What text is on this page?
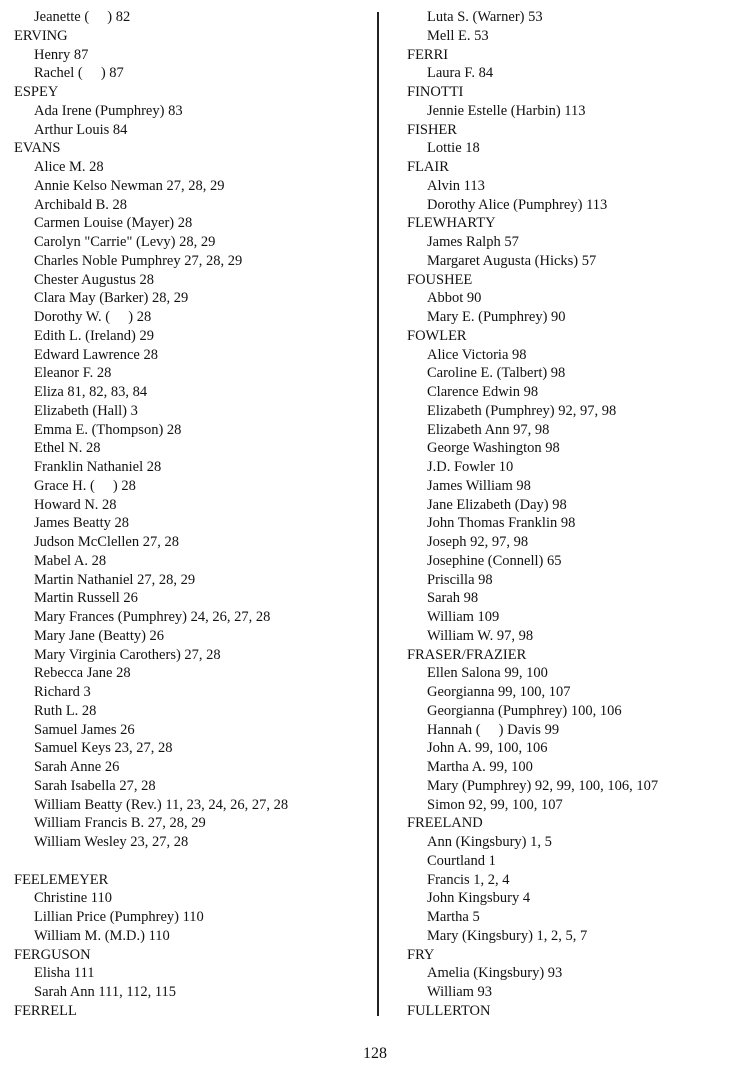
Jeanette (     ) 82
ERVING
Henry 87
Rachel (     ) 87
ESPEY
Ada Irene (Pumphrey) 83
Arthur Louis 84
EVANS
Alice M. 28
Annie Kelso Newman 27, 28, 29
Archibald B. 28
Carmen Louise (Mayer) 28
Carolyn "Carrie" (Levy) 28, 29
Charles Noble Pumphrey 27, 28, 29
Chester Augustus 28
Clara May (Barker) 28, 29
Dorothy W. (     ) 28
Edith L. (Ireland) 29
Edward Lawrence 28
Eleanor F. 28
Eliza 81, 82, 83, 84
Elizabeth (Hall) 3
Emma E. (Thompson) 28
Ethel N. 28
Franklin Nathaniel 28
Grace H. (     ) 28
Howard N. 28
James Beatty 28
Judson McClellen 27, 28
Mabel A. 28
Martin Nathaniel 27, 28, 29
Martin Russell 26
Mary Frances (Pumphrey) 24, 26, 27, 28
Mary Jane (Beatty) 26
Mary Virginia Carothers) 27, 28
Rebecca Jane 28
Richard 3
Ruth L. 28
Samuel James 26
Samuel Keys 23, 27, 28
Sarah Anne 26
Sarah Isabella 27, 28
William Beatty (Rev.) 11, 23, 24, 26, 27, 28
William Francis B. 27, 28, 29
William Wesley 23, 27, 28
FEELEMEYER
Christine 110
Lillian Price (Pumphrey) 110
William M. (M.D.) 110
FERGUSON
Elisha 111
Sarah Ann 111, 112, 115
FERRELL
Luta S. (Warner) 53
Mell E. 53
FERRI
Laura F. 84
FINOTTI
Jennie Estelle (Harbin) 113
FISHER
Lottie 18
FLAIR
Alvin 113
Dorothy Alice (Pumphrey) 113
FLEWHARTY
James Ralph 57
Margaret Augusta (Hicks) 57
FOUSHEE
Abbot 90
Mary E. (Pumphrey) 90
FOWLER
Alice Victoria 98
Caroline E. (Talbert) 98
Clarence Edwin 98
Elizabeth (Pumphrey) 92, 97, 98
Elizabeth Ann 97, 98
George Washington 98
J.D. Fowler 10
James William 98
Jane Elizabeth (Day) 98
John Thomas Franklin 98
Joseph 92, 97, 98
Josephine (Connell) 65
Priscilla 98
Sarah 98
William 109
William W. 97, 98
FRASER/FRAZIER
Ellen Salona 99, 100
Georgianna 99, 100, 107
Georgianna (Pumphrey) 100, 106
Hannah (     ) Davis 99
John A. 99, 100, 106
Martha A. 99, 100
Mary (Pumphrey) 92, 99, 100, 106, 107
Simon 92, 99, 100, 107
FREELAND
Ann (Kingsbury) 1, 5
Courtland 1
Francis 1, 2, 4
John Kingsbury 4
Martha 5
Mary (Kingsbury) 1, 2, 5, 7
FRY
Amelia (Kingsbury) 93
William 93
FULLERTON
128
